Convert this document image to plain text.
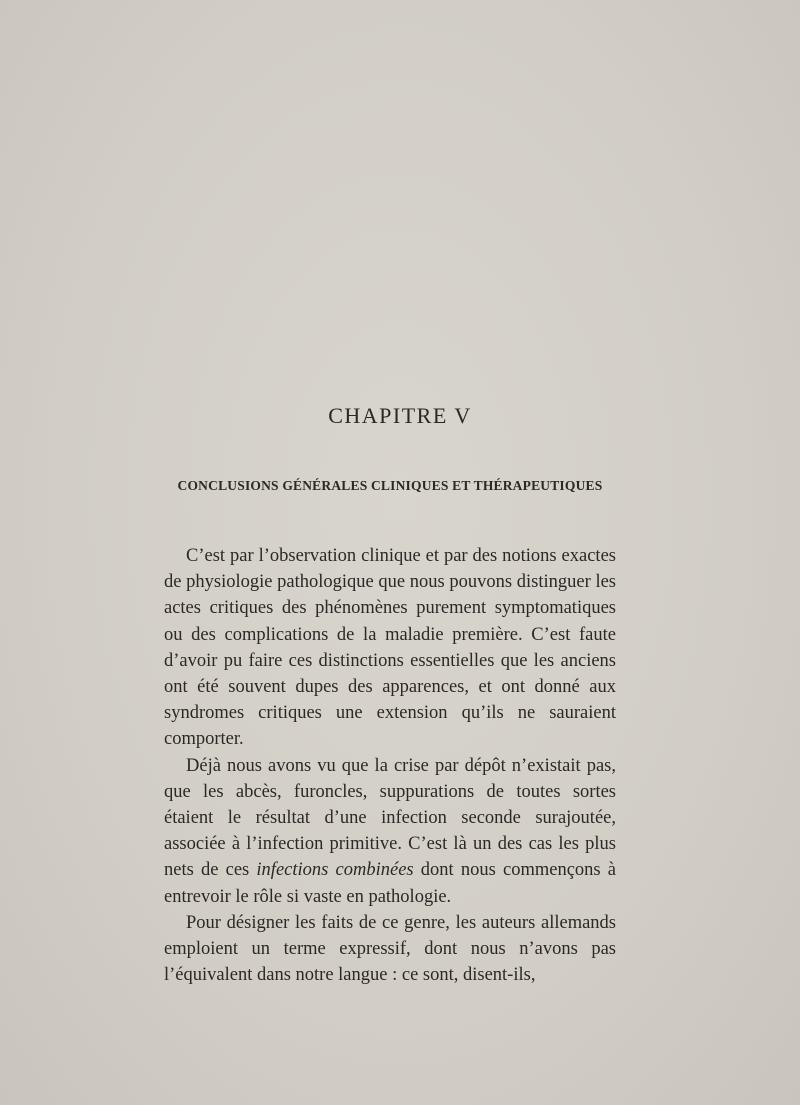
CHAPITRE V
CONCLUSIONS GÉNÉRALES CLINIQUES ET THÉRAPEUTIQUES

C’est par l’observation clinique et par des notions exactes de physiologie pathologique que nous pouvons distinguer les actes critiques des phénomènes purement symptomatiques ou des complications de la maladie première. C’est faute d’avoir pu faire ces distinctions essentielles que les anciens ont été souvent dupes des apparences, et ont donné aux syndromes critiques une extension qu’ils ne sauraient comporter.

Déjà nous avons vu que la crise par dépôt n’existait pas, que les abcès, furoncles, suppurations de toutes sortes étaient le résultat d’une infection seconde surajoutée, associée à l’infection primitive. C’est là un des cas les plus nets de ces infections combinées dont nous commençons à entrevoir le rôle si vaste en pathologie.

Pour désigner les faits de ce genre, les auteurs allemands emploient un terme expressif, dont nous n’avons pas l’équivalent dans notre langue : ce sont, disent-ils,
